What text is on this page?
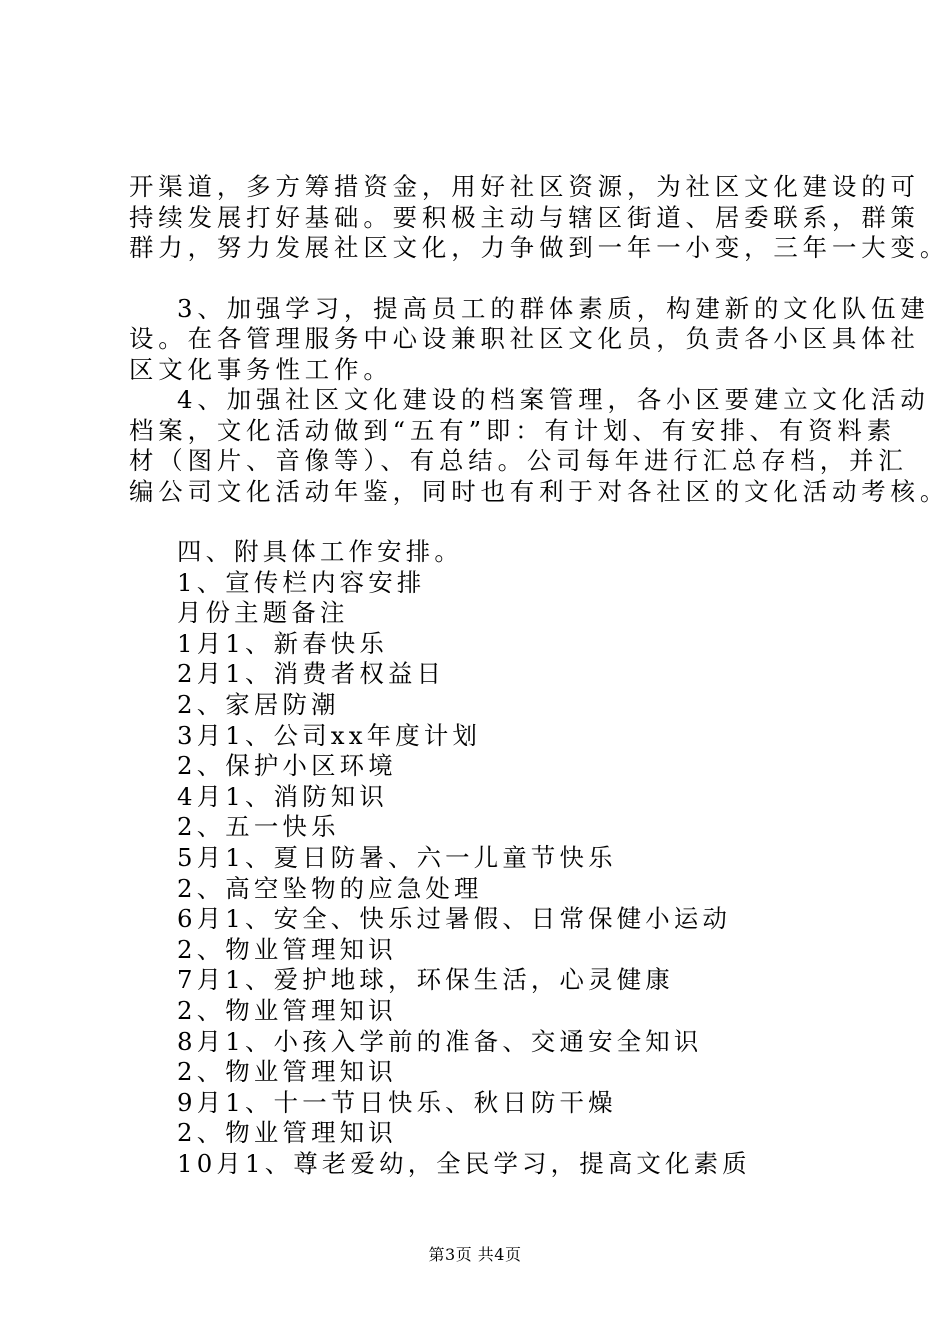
开渠道，多方筹措资金，用好社区资源，为社区文化建设的可

持续发展打好基础。要积极主动与辖区街道、居委联系，群策

群力，努力发展社区文化，力争做到一年一小变，三年一大变。

3、加强学习，提高员工的群体素质，构建新的文化队伍建

设。在各管理服务中心设兼职社区文化员，负责各小区具体社

区文化事务性工作。

4、加强社区文化建设的档案管理，各小区要建立文化活动

档案，文化活动做到“五有”即：有计划、有安排、有资料素

材（图片、音像等）、有总结。公司每年进行汇总存档，并汇

编公司文化活动年鉴，同时也有利于对各社区的文化活动考核。

四、附具体工作安排。

1、宣传栏内容安排

月份主题备注

1月1、新春快乐

2月1、消费者权益日

2、家居防潮

3月1、公司xx年度计划

2、保护小区环境

4月1、消防知识

2、五一快乐

5月1、夏日防暑、六一儿童节快乐

2、高空坠物的应急处理

6月1、安全、快乐过暑假、日常保健小运动

2、物业管理知识

7月1、爱护地球，环保生活，心灵健康

2、物业管理知识

8月1、小孩入学前的准备、交通安全知识

2、物业管理知识

9月1、十一节日快乐、秋日防干燥

2、物业管理知识

10月1、尊老爱幼，全民学习，提高文化素质

第3页 共4页
